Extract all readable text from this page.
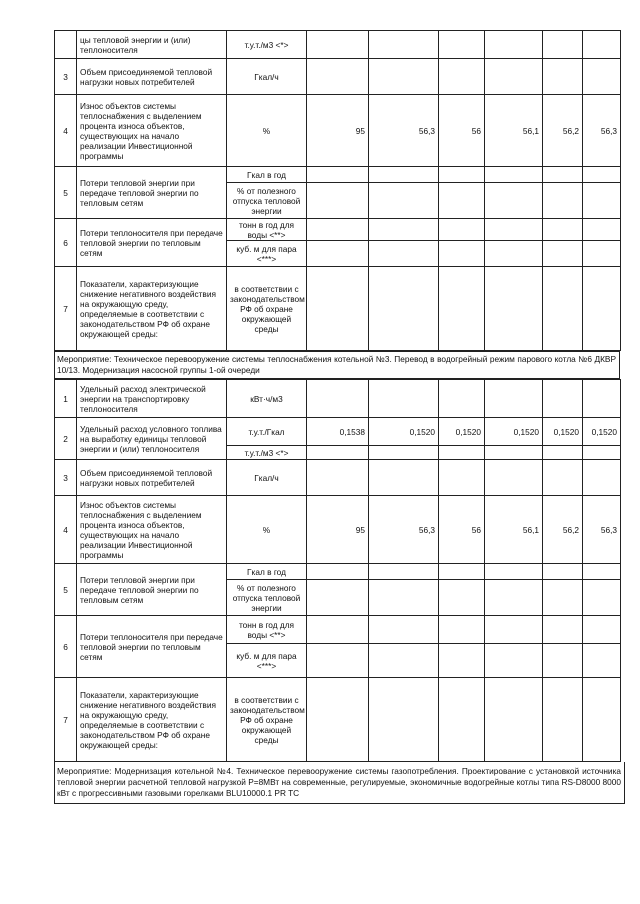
	цы тепловой энергии и (или) теплоносителя	т.у.т./м3 <*>						
3	Объем присоединяемой тепловой нагрузки новых потребителей	Гкал/ч						
4	Износ объектов системы теплоснабжения с выделением процента износа объектов, существующих на начало реализации Инвестиционной программы	%	95	56,3	56	56,1	56,2	56,3
5	Потери тепловой энергии при передаче тепловой энергии по тепловым сетям	Гкал в год						
		% от полезного отпуска тепловой энергии						
6	Потери теплоносителя при передаче тепловой энергии по тепловым сетям	тонн в год для воды <**>						
		куб. м для пара <***>						
7	Показатели, характеризующие снижение негативного воздействия на окружающую среду, определяемые в соответствии с законодательством РФ об охране окружающей среды:	в соответствии с законодательством РФ об охране окружающей среды						
Мероприятие: Техническое перевооружение системы теплоснабжения котельной №3. Перевод в водогрейный режим парового котла №6 ДКВР 10/13. Модернизация насосной группы 1-ой очереди
1	Удельный расход электрической энергии на транспортировку теплоносителя	кВт·ч/м3						
2	Удельный расход условного топлива на выработку единицы тепловой энергии и (или) теплоносителя	т.у.т./Гкал	0,1538	0,1520	0,1520	0,1520	0,1520	0,1520
		т.у.т./м3 <*>						
3	Объем присоединяемой тепловой нагрузки новых потребителей	Гкал/ч						
4	Износ объектов системы теплоснабжения с выделением процента износа объектов, существующих на начало реализации Инвестиционной программы	%	95	56,3	56	56,1	56,2	56,3
5	Потери тепловой энергии при передаче тепловой энергии по тепловым сетям	Гкал в год						
		% от полезного отпуска тепловой энергии						
6	Потери теплоносителя при передаче тепловой энергии по тепловым сетям	тонн в год для воды <**>						
		куб. м для пара <***>						
7	Показатели, характеризующие снижение негативного воздействия на окружающую среду, определяемые в соответствии с законодательством РФ об охране окружающей среды:	в соответствии с законодательством РФ об охране окружающей среды						
Мероприятие: Модернизация котельной №4. Техническое перевооружение системы газопотребления. Проектирование с установкой источника тепловой энергии расчетной тепловой нагрузкой P=8МВт на современные, регулируемые, экономичные водогрейные котлы типа RS-D8000 8000 кВт с прогрессивными газовыми горелками BLU10000.1 PR TC
